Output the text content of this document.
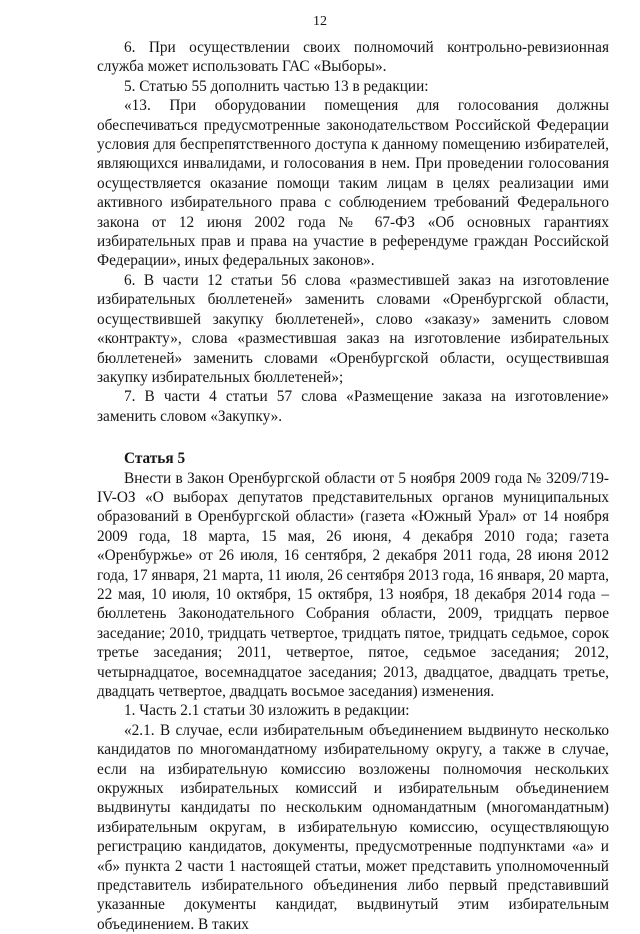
12

6. При осуществлении своих полномочий контрольно-ревизионная служба может использовать ГАС «Выборы».

5. Статью 55 дополнить частью 13 в редакции:

«13. При оборудовании помещения для голосования должны обеспечиваться предусмотренные законодательством Российской Федерации условия для беспрепятственного доступа к данному помещению избирателей, являющихся инвалидами, и голосования в нем. При проведении голосования осуществляется оказание помощи таким лицам в целях реализации ими активного избирательного права с соблюдением требований Федерального закона от 12 июня 2002 года № 67-ФЗ «Об основных гарантиях избирательных прав и права на участие в референдуме граждан Российской Федерации», иных федеральных законов».

6. В части 12 статьи 56 слова «разместившей заказ на изготовление избирательных бюллетеней» заменить словами «Оренбургской области, осуществившей закупку бюллетеней», слово «заказу» заменить словом «контракту», слова «разместившая заказ на изготовление избирательных бюллетеней» заменить словами «Оренбургской области, осуществившая закупку избирательных бюллетеней»;

7. В части 4 статьи 57 слова «Размещение заказа на изготовление» заменить словом «Закупку».

Статья 5

Внести в Закон Оренбургской области от 5 ноября 2009 года № 3209/719-IV-ОЗ «О выборах депутатов представительных органов муниципальных образований в Оренбургской области» (газета «Южный Урал» от 14 ноября 2009 года, 18 марта, 15 мая, 26 июня, 4 декабря 2010 года; газета «Оренбуржье» от 26 июля, 16 сентября, 2 декабря 2011 года, 28 июня 2012 года, 17 января, 21 марта, 11 июля, 26 сентября 2013 года, 16 января, 20 марта, 22 мая, 10 июля, 10 октября, 15 октября, 13 ноября, 18 декабря 2014 года – бюллетень Законодательного Собрания области, 2009, тридцать первое заседание; 2010, тридцать четвертое, тридцать пятое, тридцать седьмое, сорок третье заседания; 2011, четвертое, пятое, седьмое заседания; 2012, четырнадцатое, восемнадцатое заседания; 2013, двадцатое, двадцать третье, двадцать четвертое, двадцать восьмое заседания) изменения.

1. Часть 2.1 статьи 30 изложить в редакции:

«2.1. В случае, если избирательным объединением выдвинуто несколько кандидатов по многомандатному избирательному округу, а также в случае, если на избирательную комиссию возложены полномочия нескольких окружных избирательных комиссий и избирательным объединением выдвинуты кандидаты по нескольким одномандатным (многомандатным) избирательным округам, в избирательную комиссию, осуществляющую регистрацию кандидатов, документы, предусмотренные подпунктами «а» и «б» пункта 2 части 1 настоящей статьи, может представить уполномоченный представитель избирательного объединения либо первый представивший указанные документы кандидат, выдвинутый этим избирательным объединением. В таких
